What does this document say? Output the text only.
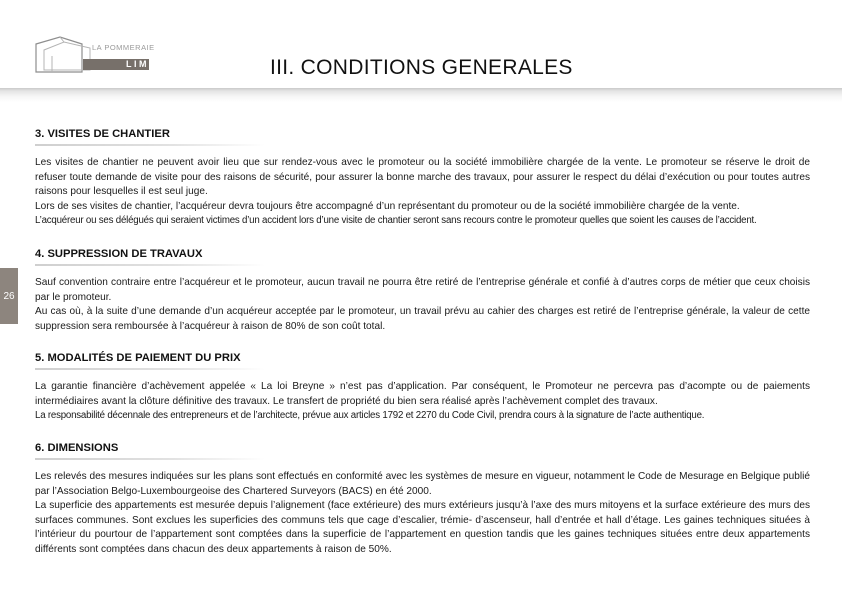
LA POMMERAIE
LIMAL	III. CONDITIONS GENERALES
26
3. VISITES DE CHANTIER

Les visites de chantier ne peuvent avoir lieu que sur rendez-vous avec le promoteur ou la société immobilière chargée de la vente. Le promoteur se réserve le droit de refuser toute demande de visite pour des raisons de sécurité, pour assurer la bonne marche des travaux, pour assurer le respect du délai d’exécution ou pour toutes autres raisons pour lesquelles il est seul juge.

Lors de ses visites de chantier, l’acquéreur devra toujours être accompagné d’un représentant du promoteur ou de la société immobilière chargée de la vente.

L’acquéreur ou ses délégués qui seraient victimes d’un accident lors d’une visite de chantier seront sans recours contre le promoteur quelles que soient les causes de l’accident.

4. SUPPRESSION DE TRAVAUX

Sauf convention contraire entre l’acquéreur et le promoteur, aucun travail ne pourra être retiré de l’entreprise générale et confié à d’autres corps de métier que ceux choisis par le promoteur.

Au cas où, à la suite d’une demande d’un acquéreur acceptée par le promoteur, un travail prévu au cahier des charges est retiré de l’entreprise générale, la valeur de cette suppression sera remboursée à l’acquéreur à raison de 80% de son coût total.

5. MODALITÉS DE PAIEMENT DU PRIX

La garantie financière d’achèvement appelée « La loi Breyne » n’est pas d’application. Par conséquent, le Promoteur ne percevra pas d’acompte ou de paiements intermédiaires avant la clôture définitive des travaux. Le transfert de propriété du bien sera réalisé après l’achèvement complet des travaux.

La responsabilité décennale des entrepreneurs et de l’architecte, prévue aux articles 1792 et 2270 du Code Civil, prendra cours à la signature de l’acte authentique.

6. DIMENSIONS

Les relevés des mesures indiquées sur les plans sont effectués en conformité avec les systèmes de mesure en vigueur, notamment le Code de Mesurage en Belgique publié par l’Association Belgo-Luxembourgeoise des Chartered Surveyors (BACS) en été 2000.

La superficie des appartements est mesurée depuis l’alignement (face extérieure) des murs extérieurs jusqu’à l’axe des murs mitoyens et la surface extérieure des murs des surfaces communes. Sont exclues les superficies des communs tels que cage d’escalier, trémie- d’ascenseur, hall d’entrée et hall d’étage. Les gaines techniques situées à l’intérieur du pourtour de l’appartement sont comptées dans la superficie de l’appartement en question tandis que les gaines techniques situées entre deux appartements différents sont comptées dans chacun des deux appartements à raison de 50%.
